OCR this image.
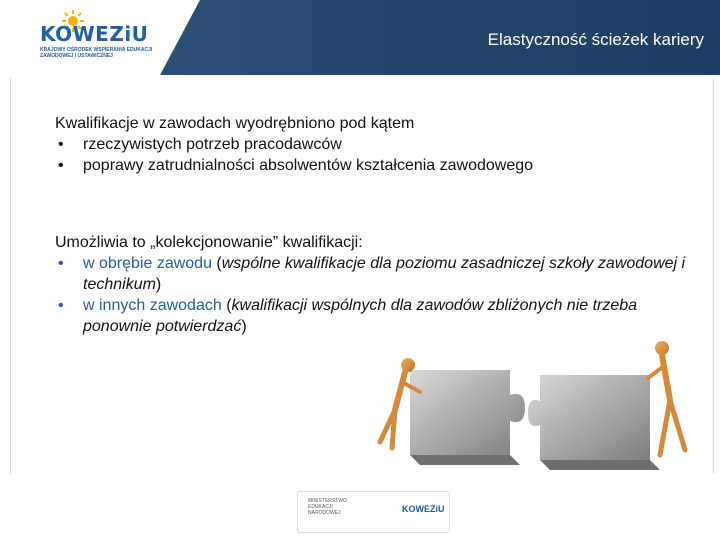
Elastyczność ścieżek kariery
KOWEZiU
KRAJOWY OŚRODEK WSPIERANIA EDUKACJI ZAWODOWEJ I USTAWICZNEJ
Kwalifikacje w zawodach wyodrębniono pod kątem
• rzeczywistych potrzeb pracodawców
• poprawy zatrudnialności absolwentów kształcenia zawodowego
Umożliwia to „kolekcjonowanie” kwalifikacji:
• w obrębie zawodu (wspólne kwalifikacje dla poziomu zasadniczej szkoły zawodowej i technikum)
• w innych zawodach (kwalifikacji wspólnych dla zawodów zbliżonych nie trzeba ponownie potwierdzać)
MINISTERSTWO EDUKACJI NARODOWEJ	KOWEZiU
